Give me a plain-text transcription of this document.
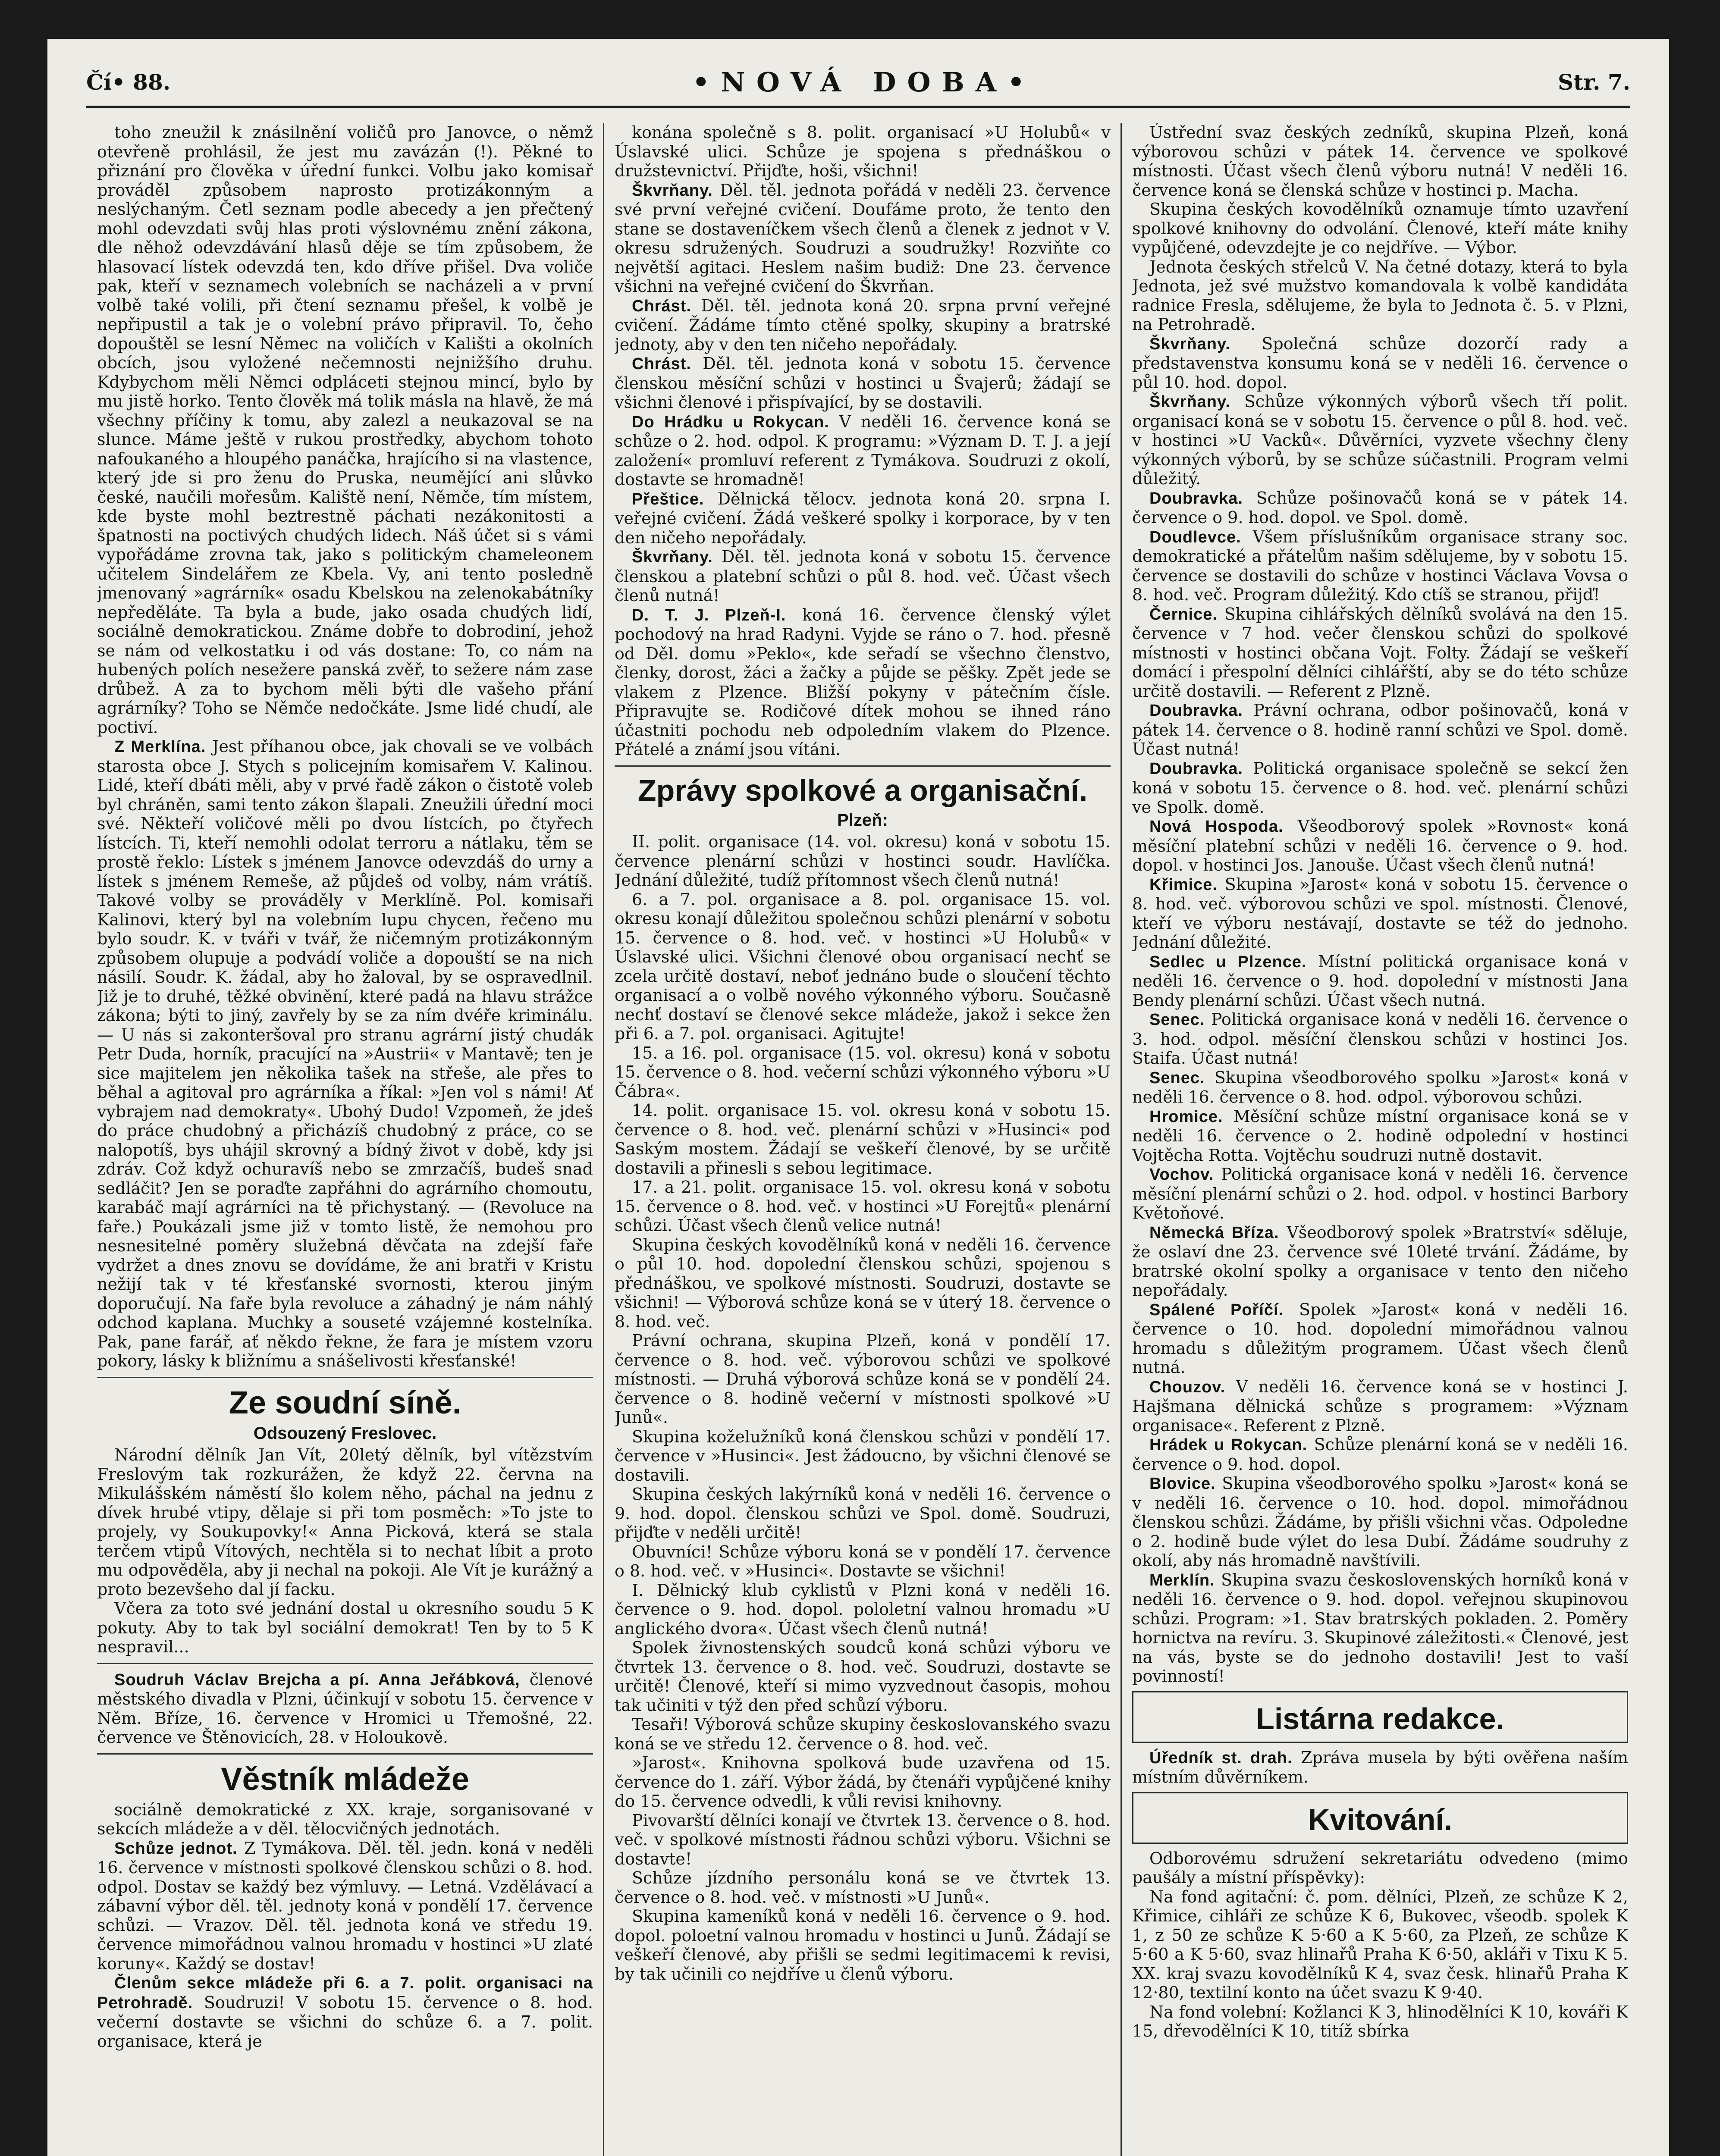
Čí• 88.	•NOVÁ DOBA•	Str. 7.

toho zneužil k znásilnění voličů pro Janovce, o němž otevřeně prohlásil, že jest mu zavázán (!). Pěkné to přiznání pro člověka v úřední funkci. Volbu jako komisař prováděl způsobem naprosto protizákonným a neslýchaným. Četl seznam podle abecedy a jen přečtený mohl odevzdati svůj hlas proti výslovnému znění zákona, dle něhož odevzdávání hlasů děje se tím způsobem, že hlasovací lístek odevzdá ten, kdo dříve přišel. Dva voliče pak, kteří v seznamech volebních se nacházeli a v první volbě také volili, při čtení seznamu přešel, k volbě je nepřipustil a tak je o volební právo připravil. To, čeho dopouštěl se lesní Němec na voličích v Kališti a okolních obcích, jsou vyložené nečemnosti nejnižšího druhu. Kdybychom měli Němci odpláceti stejnou mincí, bylo by mu jistě horko. Tento člověk má tolik másla na hlavě, že má všechny příčiny k tomu, aby zalezl a neukazoval se na slunce. Máme ještě v rukou prostředky, abychom tohoto nafoukaného a hloupého panáčka, hrajícího si na vlastence, který jde si pro ženu do Pruska, neumějící ani slůvko české, naučili mořesům. Kaliště není, Němče, tím místem, kde byste mohl beztrestně páchati nezákonitosti a špatnosti na poctivých chudých lidech. Náš účet si s vámi vypořádáme zrovna tak, jako s politickým chameleonem učitelem Sindelářem ze Kbela. Vy, ani tento posledně jmenovaný »agrárník« osadu Kbelskou na zelenokabátníky nepředěláte. Ta byla a bude, jako osada chudých lidí, sociálně demokratickou. Známe dobře to dobrodiní, jehož se nám od velkostatku i od vás dostane: To, co nám na hubených polích nesežere panská zvěř, to sežere nám zase drůbež. A za to bychom měli býti dle vašeho přání agrárníky? Toho se Němče nedočkáte. Jsme lidé chudí, ale poctiví.

Z Merklína. Jest příhanou obce, jak chovali se ve volbách starosta obce J. Stych s policejním komisařem V. Kalinou. Lidé, kteří dbáti měli, aby v prvé řadě zákon o čistotě voleb byl chráněn, sami tento zákon šlapali. Zneužili úřední moci své. Někteří voličové měli po dvou lístcích, po čtyřech lístcích. Ti, kteří nemohli odolat terroru a nátlaku, těm se prostě řeklo: Lístek s jménem Janovce odevzdáš do urny a lístek s jménem Remeše, až půjdeš od volby, nám vrátíš. Takové volby se prováděly v Merklíně. Pol. komisaři Kalinovi, který byl na volebním lupu chycen, řečeno mu bylo soudr. K. v tváři v tvář, že ničemným protizákonným způsobem olupuje a podvádí voliče a dopouští se na nich násilí. Soudr. K. žádal, aby ho žaloval, by se ospravedlnil. Již je to druhé, těžké obvinění, které padá na hlavu strážce zákona; býti to jiný, zavřely by se za ním dvéře kriminálu. — U nás si zakonteršoval pro stranu agrární jistý chudák Petr Duda, horník, pracující na »Austrii« v Mantavě; ten je sice majitelem jen několika tašek na střeše, ale přes to běhal a agitoval pro agrárníka a říkal: »Jen vol s námi! Ať vybrajem nad demokraty«. Ubohý Dudo! Vzpomeň, že jdeš do práce chudobný a přicházíš chudobný z práce, co se nalopotíš, bys uhájil skrovný a bídný život v době, kdy jsi zdráv. Což když ochuravíš nebo se zmrzačíš, budeš snad sedláčit? Jen se poraďte zapřáhni do agrárního chomoutu, karabáč mají agrárníci na tě přichystaný. — (Revoluce na faře.) Poukázali jsme již v tomto listě, že nemohou pro nesnesitelné poměry služebná děvčata na zdejší faře vydržet a dnes znovu se dovídáme, že ani bratři v Kristu nežijí tak v té křesťanské svornosti, kterou jiným doporučují. Na faře byla revoluce a záhadný je nám náhlý odchod kaplana. Muchky a souseté vzájemné kostelníka. Pak, pane farář, ať někdo řekne, že fara je místem vzoru pokory, lásky k bližnímu a snášelivosti křesťanské!

Ze soudní síně.
Odsouzený Freslovec.

Národní dělník Jan Vít, 20letý dělník, byl vítězstvím Freslovým tak rozkurážen, že když 22. června na Mikulášském náměstí šlo kolem něho, páchal na jednu z dívek hrubé vtipy, dělaje si při tom posměch: »To jste to projely, vy Soukupovky!« Anna Picková, která se stala terčem vtipů Vítových, nechtěla si to nechat líbit a proto mu odpověděla, aby ji nechal na pokoji. Ale Vít je kurážný a proto bezevšeho dal jí facku.

Včera za toto své jednání dostal u okresního soudu 5 K pokuty. Aby to tak byl sociální demokrat! Ten by to 5 K nespravil...

Soudruh Václav Brejcha a pí. Anna Jeřábková, členové městského divadla v Plzni, účinkují v sobotu 15. července v Něm. Bříze, 16. července v Hromici u Třemošné, 22. července ve Štěnovicích, 28. v Holoukově.

Věstník mládeže

sociálně demokratické z XX. kraje, sorganisované v sekcích mládeže a v děl. tělocvičných jednotách.

Schůze jednot. Z Tymákova. Děl. těl. jedn. koná v neděli 16. července v místnosti spolkové členskou schůzi o 8. hod. odpol. Dostav se každý bez výmluvy. — Letná. Vzdělávací a zábavní výbor děl. těl. jednoty koná v pondělí 17. července schůzi. — Vrazov. Děl. těl. jednota koná ve středu 19. července mimořádnou valnou hromadu v hostinci »U zlaté koruny«. Každý se dostav!

Členům sekce mládeže při 6. a 7. polit. organisaci na Petrohradě. Soudruzi! V sobotu 15. července o 8. hod. večerní dostavte se všichni do schůze 6. a 7. polit. organisace, která je

konána společně s 8. polit. organisací »U Holubů« v Úslavské ulici. Schůze je spojena s přednáškou o družstevnictví. Přijďte, hoši, všichni!

Škvrňany. Děl. těl. jednota pořádá v neděli 23. července své první veřejné cvičení. Doufáme proto, že tento den stane se dostaveníčkem všech členů a členek z jednot v V. okresu sdružených. Soudruzi a soudružky! Rozviňte co největší agitaci. Heslem našim budiž: Dne 23. července všichni na veřejné cvičení do Škvrňan.

Chrást. Děl. těl. jednota koná 20. srpna první veřejné cvičení. Žádáme tímto ctěné spolky, skupiny a bratrské jednoty, aby v den ten ničeho nepořádaly.

Chrást. Děl. těl. jednota koná v sobotu 15. července členskou měsíční schůzi v hostinci u Švajerů; žádají se všichni členové i přispívající, by se dostavili.

Do Hrádku u Rokycan. V neděli 16. července koná se schůze o 2. hod. odpol. K programu: »Význam D. T. J. a její založení« promluví referent z Tymákova. Soudruzi z okolí, dostavte se hromadně!

Přeštice. Dělnická tělocv. jednota koná 20. srpna I. veřejné cvičení. Žádá veškeré spolky i korporace, by v ten den ničeho nepořádaly.

Škvrňany. Děl. těl. jednota koná v sobotu 15. července členskou a platební schůzi o půl 8. hod. več. Účast všech členů nutná!

D. T. J. Plzeň-I. koná 16. července členský výlet pochodový na hrad Radyni. Vyjde se ráno o 7. hod. přesně od Děl. domu »Peklo«, kde seřadí se všechno členstvo, členky, dorost, žáci a žačky a půjde se pěšky. Zpět jede se vlakem z Plzence. Bližší pokyny v pátečním čísle. Připravujte se. Rodičové dítek mohou se ihned ráno účastniti pochodu neb odpoledním vlakem do Plzence. Přátelé a známí jsou vítáni.

Zprávy spolkové a organisační.
Plzeň:

II. polit. organisace (14. vol. okresu) koná v sobotu 15. července plenární schůzi v hostinci soudr. Havlíčka. Jednání důležité, tudíž přítomnost všech členů nutná!

6. a 7. pol. organisace a 8. pol. organisace 15. vol. okresu konají důležitou společnou schůzi plenární v sobotu 15. července o 8. hod. več. v hostinci »U Holubů« v Úslavské ulici. Všichni členové obou organisací nechť se zcela určitě dostaví, neboť jednáno bude o sloučení těchto organisací a o volbě nového výkonného výboru. Současně nechť dostaví se členové sekce mládeže, jakož i sekce žen při 6. a 7. pol. organisaci. Agitujte!

15. a 16. pol. organisace (15. vol. okresu) koná v sobotu 15. července o 8. hod. večerní schůzi výkonného výboru »U Čábra«.

14. polit. organisace 15. vol. okresu koná v sobotu 15. července o 8. hod. več. plenární schůzi v »Husinci« pod Saským mostem. Žádají se veškeří členové, by se určitě dostavili a přinesli s sebou legitimace.

17. a 21. polit. organisace 15. vol. okresu koná v sobotu 15. července o 8. hod. več. v hostinci »U Forejtů« plenární schůzi. Účast všech členů velice nutná!

Skupina českých kovodělníků koná v neděli 16. července o půl 10. hod. dopolední členskou schůzi, spojenou s přednáškou, ve spolkové místnosti. Soudruzi, dostavte se všichni! — Výborová schůze koná se v úterý 18. července o 8. hod. več.

Právní ochrana, skupina Plzeň, koná v pondělí 17. července o 8. hod. več. výborovou schůzi ve spolkové místnosti. — Druhá výborová schůze koná se v pondělí 24. července o 8. hodině večerní v místnosti spolkové »U Junů«.

Skupina koželužníků koná členskou schůzi v pondělí 17. července v »Husinci«. Jest žádoucno, by všichni členové se dostavili.

Skupina českých lakýrníků koná v neděli 16. července o 9. hod. dopol. členskou schůzi ve Spol. domě. Soudruzi, přijďte v neděli určitě!

Obuvníci! Schůze výboru koná se v pondělí 17. července o 8. hod. več. v »Husinci«. Dostavte se všichni!

I. Dělnický klub cyklistů v Plzni koná v neděli 16. července o 9. hod. dopol. pololetní valnou hromadu »U anglického dvora«. Účast všech členů nutná!

Spolek živnostenských soudců koná schůzi výboru ve čtvrtek 13. července o 8. hod. več. Soudruzi, dostavte se určitě! Členové, kteří si mimo vyzvednout časopis, mohou tak učiniti v týž den před schůzí výboru.

Tesaři! Výborová schůze skupiny českoslovanského svazu koná se ve středu 12. července o 8. hod. več.

»Jarost«. Knihovna spolková bude uzavřena od 15. července do 1. září. Výbor žádá, by čtenáři vypůjčené knihy do 15. července odvedli, k vůli revisi knihovny.

Pivovarští dělníci konají ve čtvrtek 13. července o 8. hod. več. v spolkové místnosti řádnou schůzi výboru. Všichni se dostavte!

Schůze jízdního personálu koná se ve čtvrtek 13. července o 8. hod. več. v místnosti »U Junů«.

Skupina kameníků koná v neděli 16. července o 9. hod. dopol. poloetní valnou hromadu v hostinci u Junů. Žádají se veškeří členové, aby přišli se sedmi legitimacemi k revisi, by tak učinili co nejdříve u členů výboru.

Ústřední svaz českých zedníků, skupina Plzeň, koná výborovou schůzi v pátek 14. července ve spolkové místnosti. Účast všech členů výboru nutná! V neděli 16. července koná se členská schůze v hostinci p. Macha.

Skupina českých kovodělníků oznamuje tímto uzavření spolkové knihovny do odvolání. Členové, kteří máte knihy vypůjčené, odevzdejte je co nejdříve. — Výbor.

Jednota českých střelců V. Na četné dotazy, která to byla Jednota, jež své mužstvo komandovala k volbě kandidáta radnice Fresla, sdělujeme, že byla to Jednota č. 5. v Plzni, na Petrohradě.

Škvrňany. Společná schůze dozorčí rady a představenstva konsumu koná se v neděli 16. července o půl 10. hod. dopol.

Škvrňany. Schůze výkonných výborů všech tří polit. organisací koná se v sobotu 15. července o půl 8. hod. več. v hostinci »U Vacků«. Důvěrníci, vyzvete všechny členy výkonných výborů, by se schůze súčastnili. Program velmi důležitý.

Doubravka. Schůze pošinovačů koná se v pátek 14. července o 9. hod. dopol. ve Spol. domě.

Doudlevce. Všem příslušníkům organisace strany soc. demokratické a přátelům našim sdělujeme, by v sobotu 15. července se dostavili do schůze v hostinci Václava Vovsa o 8. hod. več. Program důležitý. Kdo ctíš se stranou, přijď!

Černice. Skupina cihlářských dělníků svolává na den 15. července v 7 hod. večer členskou schůzi do spolkové místnosti v hostinci občana Vojt. Folty. Žádají se veškeří domácí i přespolní dělníci cihlářští, aby se do této schůze určitě dostavili. — Referent z Plzně.

Doubravka. Právní ochrana, odbor pošinovačů, koná v pátek 14. července o 8. hodině ranní schůzi ve Spol. domě. Účast nutná!

Doubravka. Politická organisace společně se sekcí žen koná v sobotu 15. července o 8. hod. več. plenární schůzi ve Spolk. domě.

Nová Hospoda. Všeodborový spolek »Rovnost« koná měsíční platební schůzi v neděli 16. července o 9. hod. dopol. v hostinci Jos. Janouše. Účast všech členů nutná!

Křimice. Skupina »Jarost« koná v sobotu 15. července o 8. hod. več. výborovou schůzi ve spol. místnosti. Členové, kteří ve výboru nestávají, dostavte se též do jednoho. Jednání důležité.

Sedlec u Plzence. Místní politická organisace koná v neděli 16. července o 9. hod. dopolední v místnosti Jana Bendy plenární schůzi. Účast všech nutná.

Senec. Politická organisace koná v neděli 16. července o 3. hod. odpol. měsíční členskou schůzi v hostinci Jos. Staifa. Účast nutná!

Senec. Skupina všeodborového spolku »Jarost« koná v neděli 16. července o 8. hod. odpol. výborovou schůzi.

Hromice. Měsíční schůze místní organisace koná se v neděli 16. července o 2. hodině odpolední v hostinci Vojtěcha Rotta. Vojtěchu soudruzi nutně dostavit.

Vochov. Politická organisace koná v neděli 16. července měsíční plenární schůzi o 2. hod. odpol. v hostinci Barbory Květoňové.

Německá Bříza. Všeodborový spolek »Bratrství« sděluje, že oslaví dne 23. července své 10leté trvání. Žádáme, by bratrské okolní spolky a organisace v tento den ničeho nepořádaly.

Spálené Poříčí. Spolek »Jarost« koná v neděli 16. července o 10. hod. dopolední mimořádnou valnou hromadu s důležitým programem. Účast všech členů nutná.

Chouzov. V neděli 16. července koná se v hostinci J. Hajšmana dělnická schůze s programem: »Význam organisace«. Referent z Plzně.

Hrádek u Rokycan. Schůze plenární koná se v neděli 16. července o 9. hod. dopol.

Blovice. Skupina všeodborového spolku »Jarost« koná se v neděli 16. července o 10. hod. dopol. mimořádnou členskou schůzi. Žádáme, by přišli všichni včas. Odpoledne o 2. hodině bude výlet do lesa Dubí. Žádáme soudruhy z okolí, aby nás hromadně navštívili.

Merklín. Skupina svazu československých horníků koná v neděli 16. července o 9. hod. dopol. veřejnou skupinovou schůzi. Program: »1. Stav bratrských pokladen. 2. Poměry hornictva na revíru. 3. Skupinové záležitosti.« Členové, jest na vás, byste se do jednoho dostavili! Jest to vaší povinností!

Listárna redakce.

Úředník st. drah. Zpráva musela by býti ověřena naším místním důvěrníkem.

Kvitování.

Odborovému sdružení sekretariátu odvedeno (mimo paušály a místní příspěvky):

Na fond agitační: č. pom. dělníci, Plzeň, ze schůze K 2, Křimice, cihláři ze schůze K 6, Bukovec, všeodb. spolek K 1, z 50 ze schůze K 5·60 a K 5·60, za Plzeň, ze schůze K 5·60 a K 5·60, svaz hlinařů Praha K 6·50, akláři v Tixu K 5. XX. kraj svazu kovodělníků K 4, svaz česk. hlinařů Praha K 12·80, textilní konto na účet svazu K 9·40.

Na fond volební: Kožlanci K 3, hlinodělníci K 10, kováři K 15, dřevodělníci K 10, titíž sbírka
